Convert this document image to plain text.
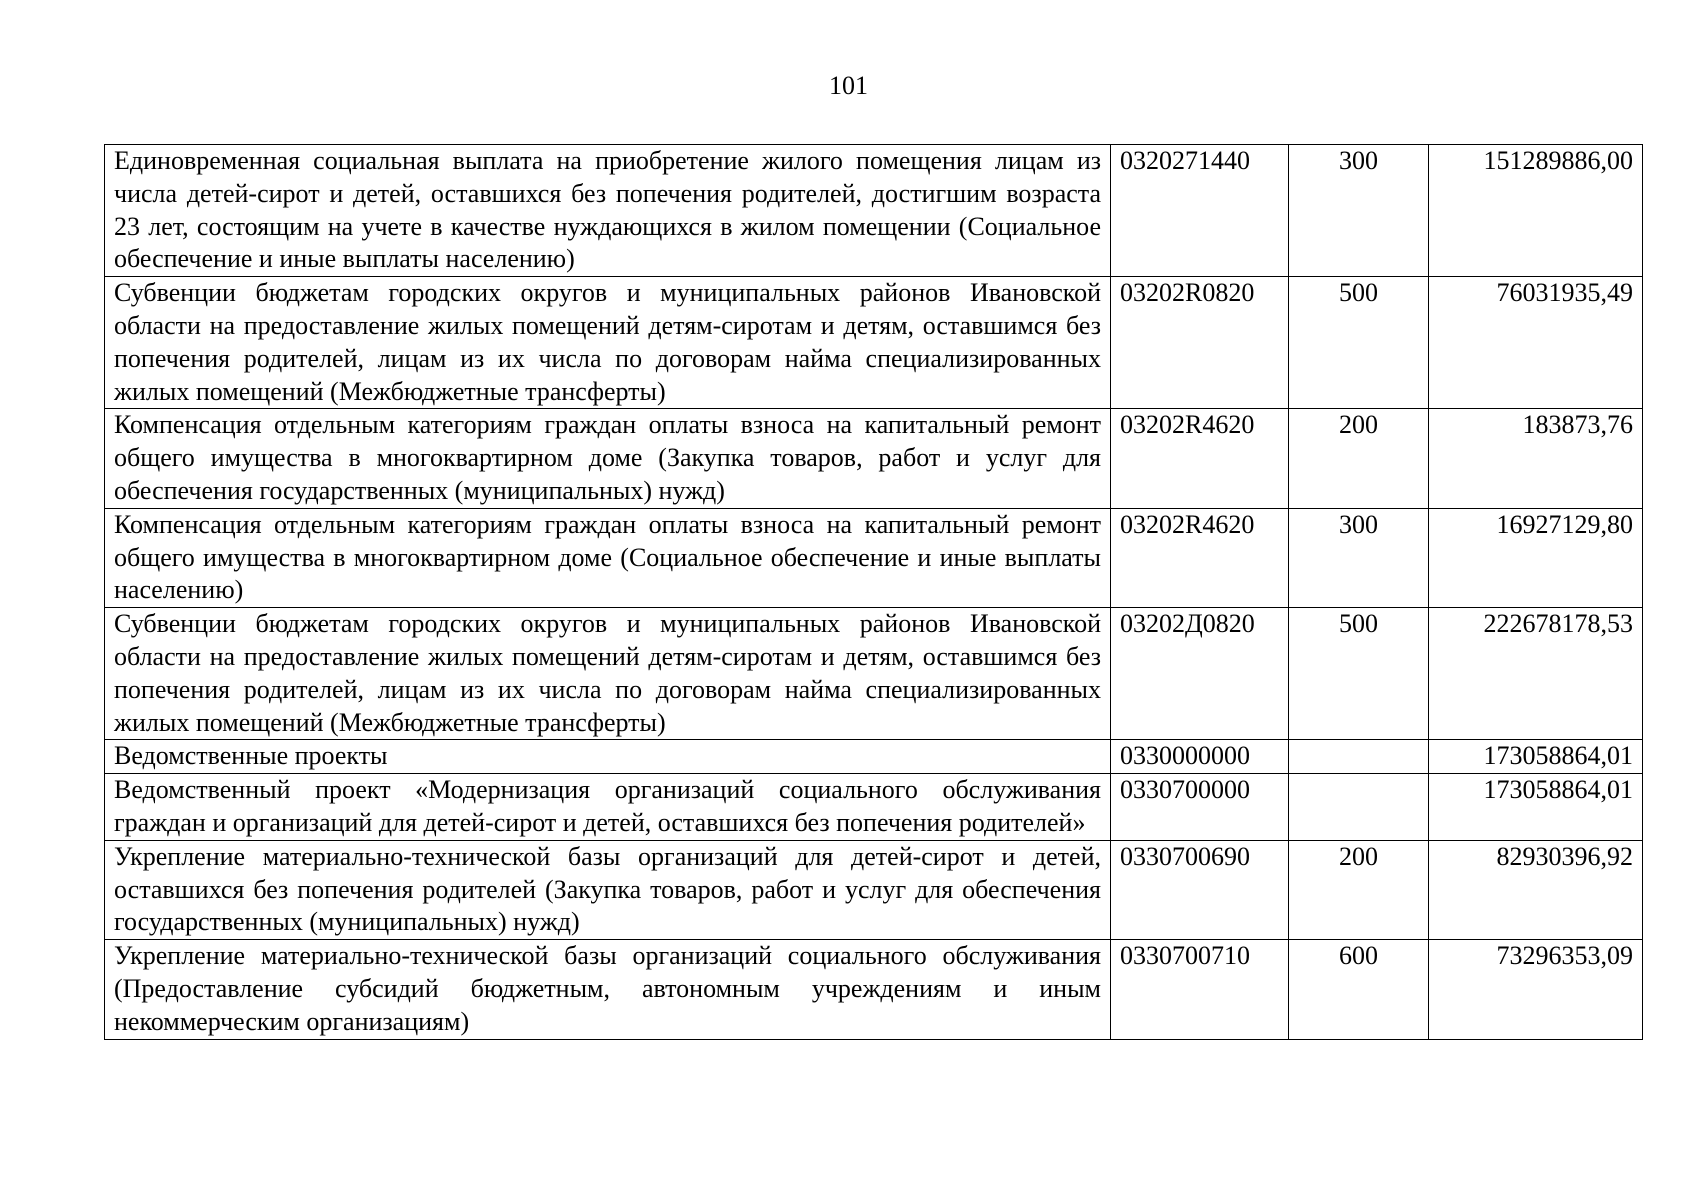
101
Единовременная социальная выплата на приобретение жилого помещения лицам из числа детей-сирот и детей, оставшихся без попечения родителей, достигшим возраста 23 лет, состоящим на учете в качестве нуждающихся в жилом помещении (Социальное обеспечение и иные выплаты населению)	0320271440	300	151289886,00
Субвенции бюджетам городских округов и муниципальных районов Ивановской области на предоставление жилых помещений детям-сиротам и детям, оставшимся без попечения родителей, лицам из их числа по договорам найма специализированных жилых помещений (Межбюджетные трансферты)	03202R0820	500	76031935,49
Компенсация отдельным категориям граждан оплаты взноса на капитальный ремонт общего имущества в многоквартирном доме (Закупка товаров, работ и услуг для обеспечения государственных (муниципальных) нужд)	03202R4620	200	183873,76
Компенсация отдельным категориям граждан оплаты взноса на капитальный ремонт общего имущества в многоквартирном доме (Социальное обеспечение и иные выплаты населению)	03202R4620	300	16927129,80
Субвенции бюджетам городских округов и муниципальных районов Ивановской области на предоставление жилых помещений детям-сиротам и детям, оставшимся без попечения родителей, лицам из их числа по договорам найма специализированных жилых помещений (Межбюджетные трансферты)	03202Д0820	500	222678178,53
Ведомственные проекты	0330000000		173058864,01
Ведомственный проект «Модернизация организаций социального обслуживания граждан и организаций для детей-сирот и детей, оставшихся без попечения родителей»	0330700000		173058864,01
Укрепление материально-технической базы организаций для детей-сирот и детей, оставшихся без попечения родителей (Закупка товаров, работ и услуг для обеспечения государственных (муниципальных) нужд)	0330700690	200	82930396,92
Укрепление материально-технической базы организаций социального обслуживания (Предоставление субсидий бюджетным, автономным учреждениям и иным некоммерческим организациям)	0330700710	600	73296353,09
